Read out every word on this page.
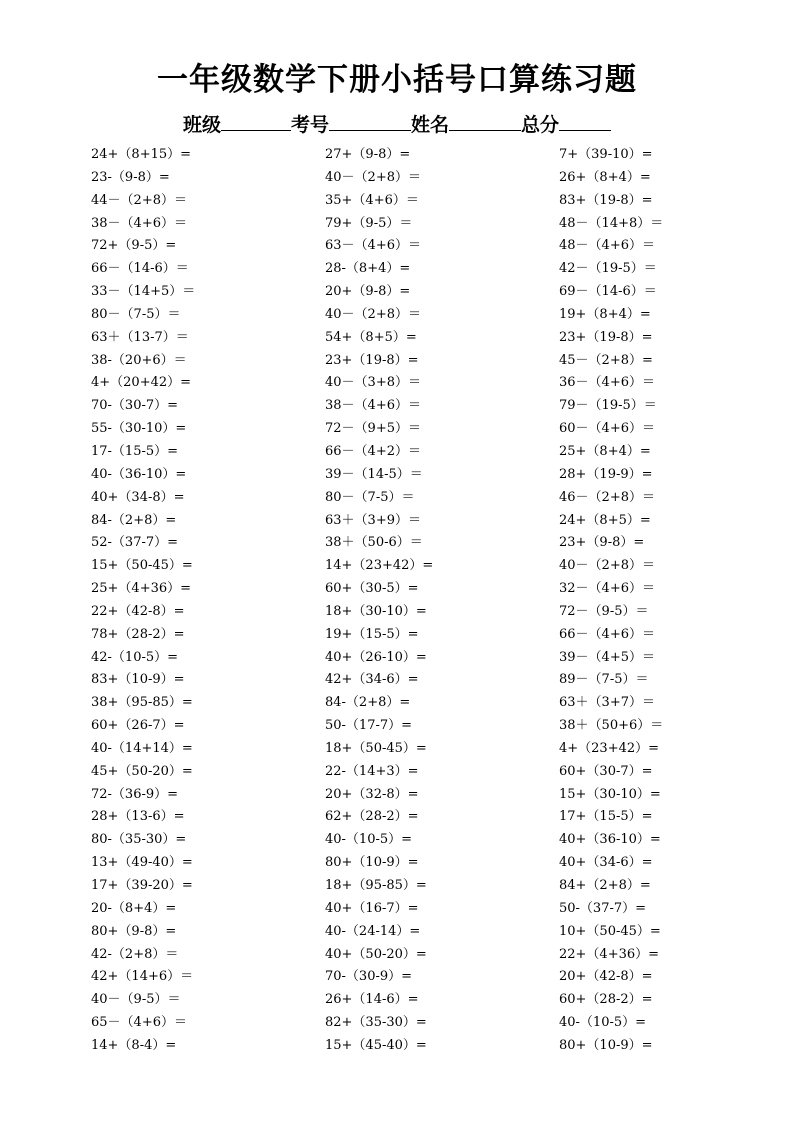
一年级数学下册小括号口算练习题
班级	考号	姓名	总分
24+（8+15）=
23-（9-8）=
44－（2+8）＝
38－（4+6）＝
72+（9-5）=
66－（14-6）＝
33－（14+5）＝
80－（7-5）＝
63＋（13-7）＝
38-（20+6）＝
4+（20+42）=
70-（30-7）=
55-（30-10）=
17-（15-5）=
40-（36-10）=
40+（34-8）=
84-（2+8）=
52-（37-7）=
15+（50-45）=
25+（4+36）=
22+（42-8）=
78+（28-2）=
42-（10-5）=
83+（10-9）=
38+（95-85）=
60+（26-7）=
40-（14+14）=
45+（50-20）=
72-（36-9）=
28+（13-6）=
80-（35-30）=
13+（49-40）=
17+（39-20）=
20-（8+4）=
80+（9-8）=
42-（2+8）＝
42+（14+6）＝
40－（9-5）＝
65－（4+6）＝
14+（8-4）=
27+（9-8）=
40－（2+8）＝
35+（4+6）＝
79+（9-5）＝
63－（4+6）＝
28-（8+4）=
20+（9-8）=
40－（2+8）＝
54+（8+5）=
23+（19-8）=
40－（3+8）＝
38－（4+6）＝
72－（9+5）＝
66－（4+2）＝
39－（14-5）＝
80－（7-5）＝
63＋（3+9）＝
38＋（50-6）＝
14+（23+42）=
60+（30-5）=
18+（30-10）=
19+（15-5）=
40+（26-10）=
42+（34-6）=
84-（2+8）=
50-（17-7）=
18+（50-45）=
22-（14+3）=
20+（32-8）=
62+（28-2）=
40-（10-5）=
80+（10-9）=
18+（95-85）=
40+（16-7）=
40-（24-14）=
40+（50-20）=
70-（30-9）=
26+（14-6）=
82+（35-30）=
15+（45-40）=
7+（39-10）=
26+（8+4）=
83+（19-8）=
48－（14+8）＝
48－（4+6）＝
42－（19-5）＝
69－（14-6）＝
19+（8+4）=
23+（19-8）=
45－（2+8）=
36－（4+6）＝
79－（19-5）＝
60－（4+6）＝
25+（8+4）=
28+（19-9）=
46－（2+8）＝
24+（8+5）=
23+（9-8）=
40－（2+8）＝
32－（4+6）＝
72－（9-5）＝
66－（4+6）＝
39－（4+5）＝
89－（7-5）＝
63＋（3+7）＝
38＋（50+6）＝
4+（23+42）=
60+（30-7）=
15+（30-10）=
17+（15-5）=
40+（36-10）=
40+（34-6）=
84+（2+8）=
50-（37-7）=
10+（50-45）=
22+（4+36）=
20+（42-8）=
60+（28-2）=
40-（10-5）=
80+（10-9）=
